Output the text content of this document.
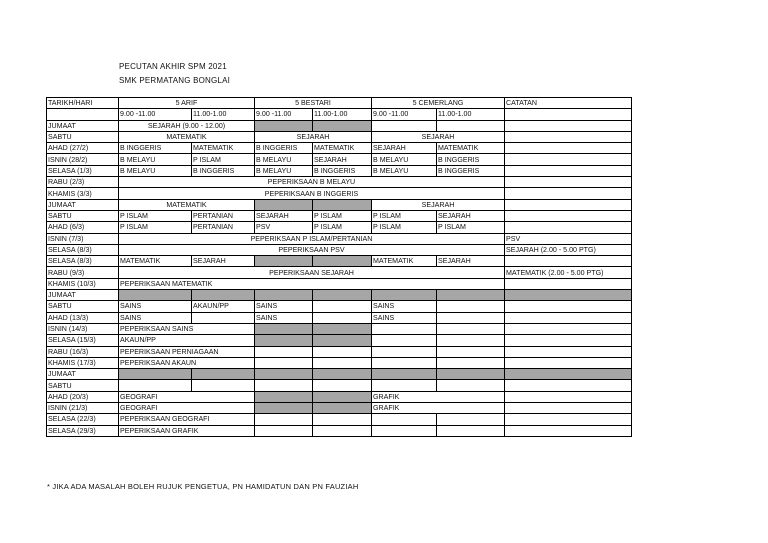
PECUTAN AKHIR SPM 2021
SMK PERMATANG BONGLAI
TARIKH/HARI	5 ARIF		5 BESTARI		5 CEMERLANG		CATATAN
	9.00 -11.00	11.00-1.00	9.00 -11.00	11.00-1.00	9.00 -11.00	11.00-1.00	
JUMAAT	SEJARAH (9.00 - 12.00)						
SABTU	MATEMATIK		SEJARAH		SEJARAH		
AHAD (27/2)	B INGGERIS	MATEMATIK	B INGGERIS	MATEMATIK	SEJARAH	MATEMATIK	
ISNIN (28/2)	B MELAYU	P ISLAM	B MELAYU	SEJARAH	B MELAYU	B INGGERIS	
SELASA (1/3)	B MELAYU	B INGGERIS	B MELAYU	B INGGERIS	B MELAYU	B INGGERIS	
RABU (2/3)	PEPERIKSAAN B MELAYU						
KHAMIS (3/3)	PEPERIKSAAN B INGGERIS						
JUMAAT	MATEMATIK				SEJARAH		
SABTU	P ISLAM	PERTANIAN	SEJARAH	P ISLAM	P ISLAM	SEJARAH	
AHAD (6/3)	P ISLAM	PERTANIAN	PSV	P ISLAM	P ISLAM	P ISLAM	
ISNIN (7/3)	PEPERIKSAAN P ISLAM/PERTANIAN						PSV
SELASA (8/3)	PEPERIKSAAN PSV						SEJARAH (2.00 - 5.00 PTG)
SELASA (8/3)	MATEMATIK	SEJARAH			MATEMATIK	SEJARAH	
RABU (9/3)	PEPERIKSAAN SEJARAH						MATEMATIK (2.00 - 5.00 PTG)
KHAMIS (10/3)	PEPERIKSAAN MATEMATIK						
JUMAAT							
SABTU	SAINS	AKAUN/PP	SAINS		SAINS		
AHAD (13/3)	SAINS		SAINS		SAINS		
ISNIN (14/3)	PEPERIKSAAN SAINS						
SELASA (15/3)	AKAUN/PP						
RABU (16/3)	PEPERIKSAAN PERNIAGAAN						
KHAMIS (17/3)	PEPERIKSAAN AKAUN						
JUMAAT							
SABTU							
AHAD (20/3)	GEOGRAFI				GRAFIK		
ISNIN (21/3)	GEOGRAFI				GRAFIK		
SELASA (22/3)	PEPERIKSAAN GEOGRAFI						
SELASA (29/3)	PEPERIKSAAN GRAFIK						
* JIKA ADA MASALAH BOLEH RUJUK PENGETUA, PN HAMIDATUN DAN PN FAUZIAH
